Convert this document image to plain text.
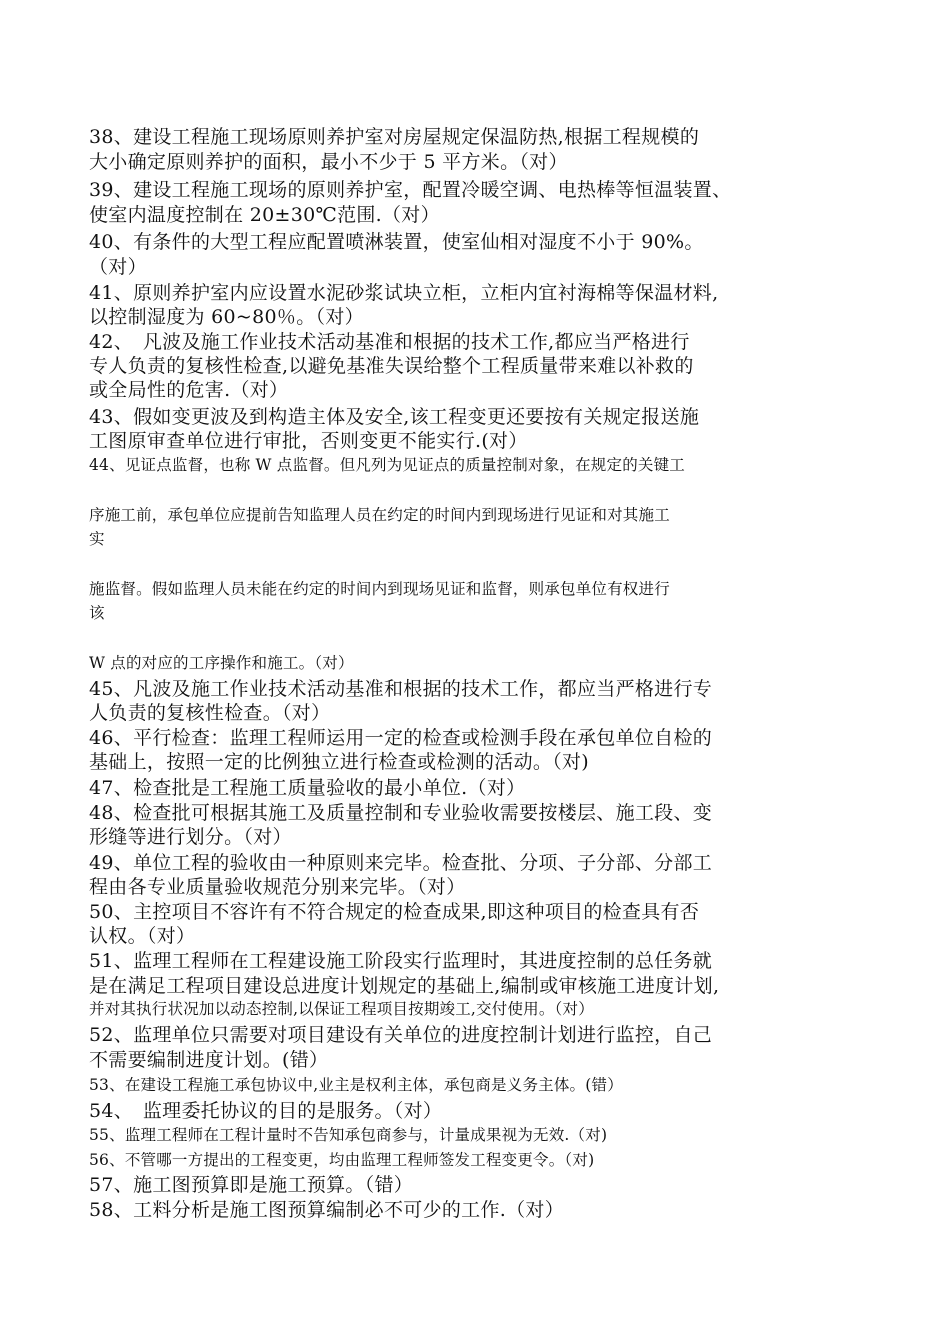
38、建设工程施工现场原则养护室对房屋规定保温防热,根据工程规模的
大小确定原则养护的面积，最小不少于 5 平方米。（对）
39、建设工程施工现场的原则养护室，配置冷暖空调、电热棒等恒温装置、
使室内温度控制在 20±30℃范围.（对）
40、有条件的大型工程应配置喷淋装置，使室仙相对湿度不小于 90%。
（对）
41、原则养护室内应设置水泥砂浆试块立柜，立柜内宜衬海棉等保温材料,
以控制湿度为 60~80％。（对）
42、　凡波及施工作业技术活动基准和根据的技术工作,都应当严格进行
专人负责的复核性检查,以避免基准失误给整个工程质量带来难以补救的
或全局性的危害.（对）
43、假如变更波及到构造主体及安全,该工程变更还要按有关规定报送施
工图原审查单位进行审批，否则变更不能实行.(对）
44、见证点监督，也称 W 点监督。但凡列为见证点的质量控制对象，在规定的关键工
序施工前，承包单位应提前告知监理人员在约定的时间内到现场进行见证和对其施工
实
施监督。假如监理人员未能在约定的时间内到现场见证和监督，则承包单位有权进行
该
W 点的对应的工序操作和施工。（对）
45、凡波及施工作业技术活动基准和根据的技术工作，都应当严格进行专
人负责的复核性检查。（对）
46、平行检查：监理工程师运用一定的检查或检测手段在承包单位自检的
基础上，按照一定的比例独立进行检查或检测的活动。（对)
47、检查批是工程施工质量验收的最小单位.（对）
48、检查批可根据其施工及质量控制和专业验收需要按楼层、施工段、变
形缝等进行划分。（对）
49、单位工程的验收由一种原则来完毕。检查批、分项、子分部、分部工
程由各专业质量验收规范分别来完毕。（对）
50、主控项目不容许有不符合规定的检查成果,即这种项目的检查具有否
认权。（对）
51、监理工程师在工程建设施工阶段实行监理时，其进度控制的总任务就
是在满足工程项目建设总进度计划规定的基础上,编制或审核施工进度计划,
并对其执行状况加以动态控制,以保证工程项目按期竣工,交付使用。（对）
52、监理单位只需要对项目建设有关单位的进度控制计划进行监控，自己
不需要编制进度计划。(错）
53、在建设工程施工承包协议中,业主是权利主体，承包商是义务主体。(错）
54、　监理委托协议的目的是服务。（对）
55、监理工程师在工程计量时不告知承包商参与，计量成果视为无效.（对)
56、不管哪一方提出的工程变更，均由监理工程师签发工程变更令。（对)
57、施工图预算即是施工预算。（错）
58、工料分析是施工图预算编制必不可少的工作.（对）
